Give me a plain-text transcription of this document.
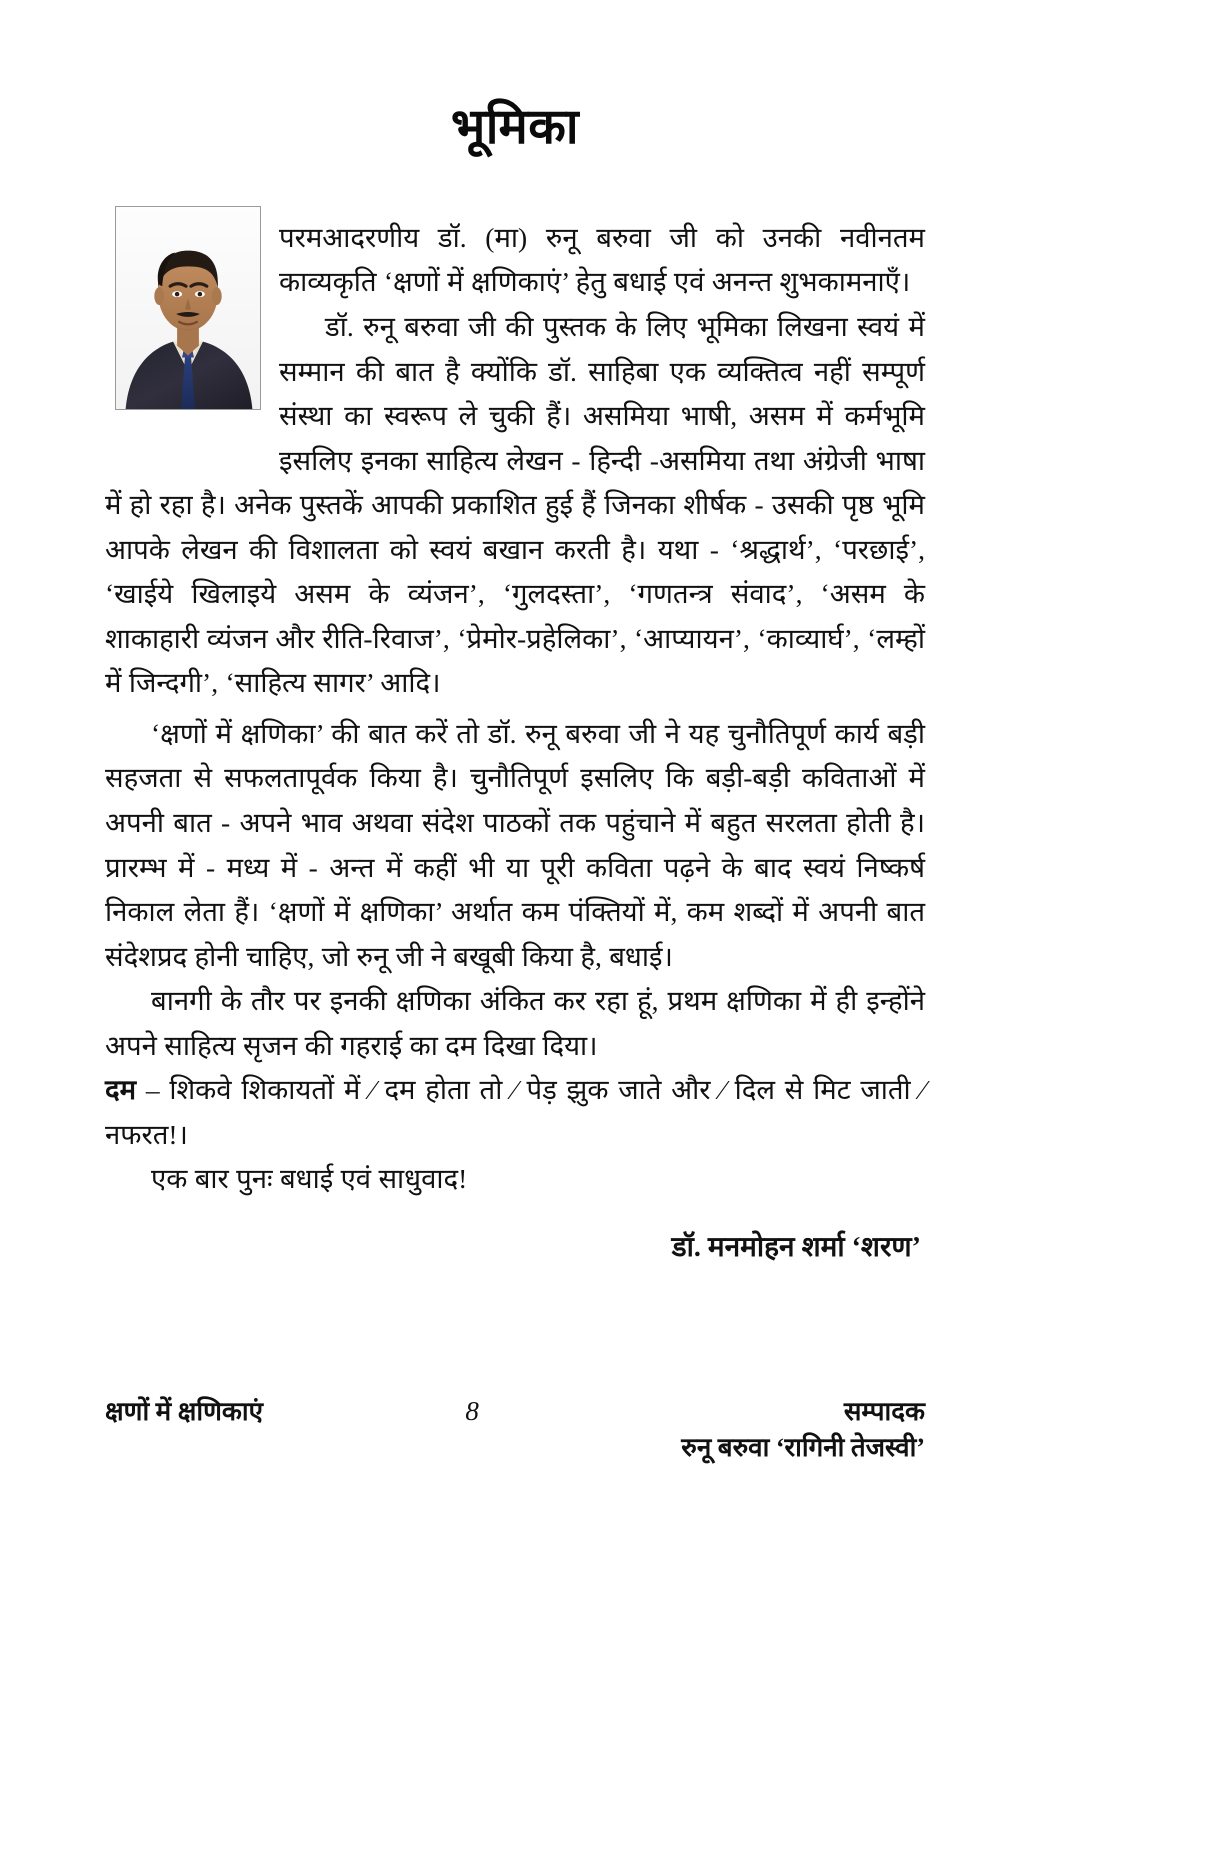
भूमिका

परमआदरणीय डॉ. (मा) रुनू बरुवा जी को उनकी नवीनतम काव्यकृति ‘क्षणों में क्षणिकाएं’ हेतु बधाई एवं अनन्त शुभकामनाएँ।

डॉ. रुनू बरुवा जी की पुस्तक के लिए भूमिका लिखना स्वयं में सम्मान की बात है क्योंकि डॉ. साहिबा एक व्यक्तित्व नहीं सम्पूर्ण संस्था का स्वरूप ले चुकी हैं। असमिया भाषी, असम में कर्मभूमि इसलिए इनका साहित्य लेखन - हिन्दी -असमिया तथा अंग्रेजी भाषा में हो रहा है। अनेक पुस्तकें आपकी प्रकाशित हुई हैं जिनका शीर्षक - उसकी पृष्ठ भूमि आपके लेखन की विशालता को स्वयं बखान करती है। यथा - ‘श्रद्धार्थ’, ‘परछाई’, ‘खाईये खिलाइये असम के व्यंजन’, ‘गुलदस्ता’, ‘गणतन्त्र संवाद’, ‘असम के शाकाहारी व्यंजन और रीति-रिवाज’, ‘प्रेमोर-प्रहेलिका’, ‘आप्यायन’, ‘काव्यार्घ’, ‘लम्हों में जिन्दगी’, ‘साहित्य सागर’ आदि।

‘क्षणों में क्षणिका’ की बात करें तो डॉ. रुनू बरुवा जी ने यह चुनौतिपूर्ण कार्य बड़ी सहजता से सफलतापूर्वक किया है। चुनौतिपूर्ण इसलिए कि बड़ी-बड़ी कविताओं में अपनी बात - अपने भाव अथवा संदेश पाठकों तक पहुंचाने में बहुत सरलता होती है। प्रारम्भ में - मध्य में - अन्त में कहीं भी या पूरी कविता पढ़ने के बाद स्वयं निष्कर्ष निकाल लेता हैं। ‘क्षणों में क्षणिका’ अर्थात कम पंक्तियों में, कम शब्दों में अपनी बात संदेशप्रद होनी चाहिए, जो रुनू जी ने बखूबी किया है, बधाई।

बानगी के तौर पर इनकी क्षणिका अंकित कर रहा हूं, प्रथम क्षणिका में ही इन्होंने अपने साहित्य सृजन की गहराई का दम दिखा दिया।

दम – शिकवे शिकायतों में ⁄ दम होता तो ⁄ पेड़ झुक जाते और ⁄ दिल से मिट जाती ⁄ नफरत!।

एक बार पुनः बधाई एवं साधुवाद!

डॉ. मनमोहन शर्मा ‘शरण’
क्षणों में क्षणिकाएं	8	सम्पादक
रुनू बरुवा ‘रागिनी तेजस्वी’
